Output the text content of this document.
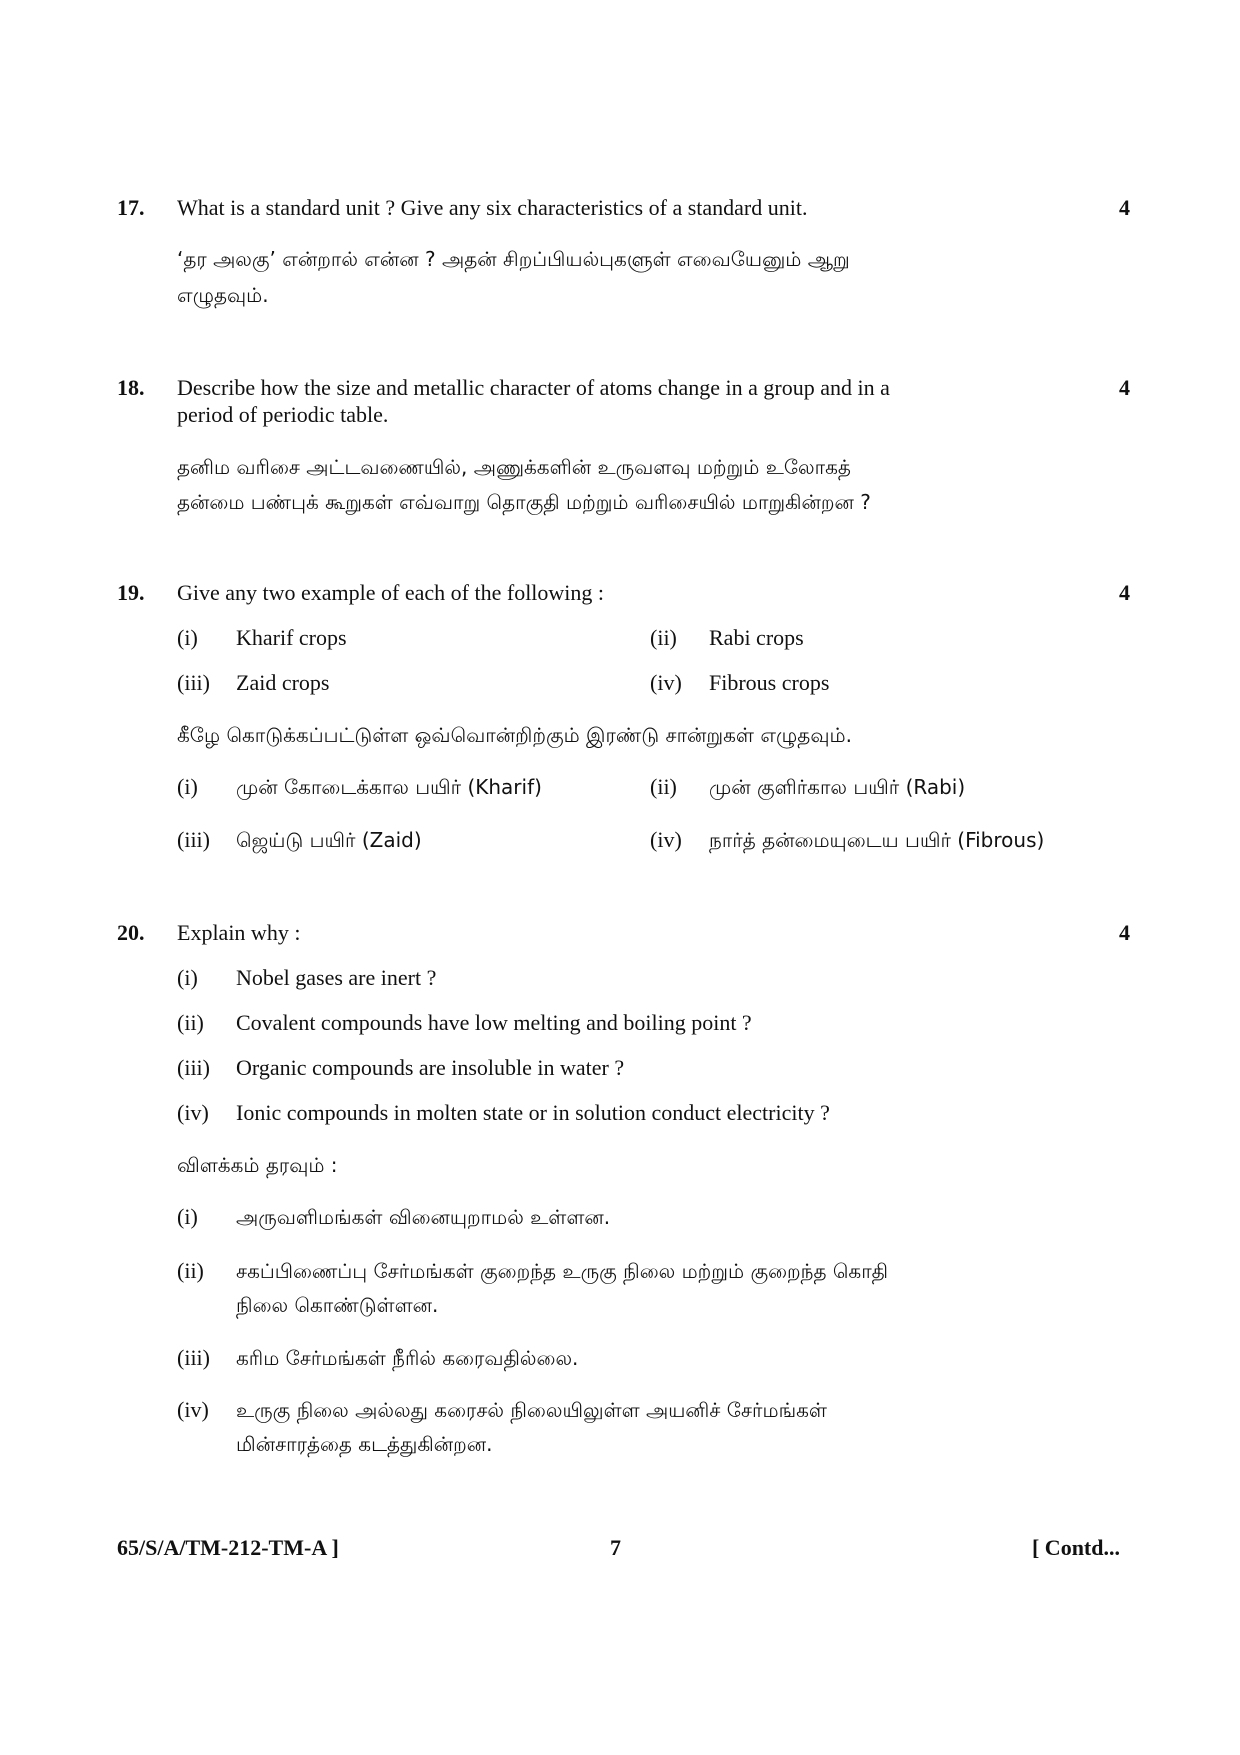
17. What is a standard unit ? Give any six characteristics of a standard unit.	4
‘தர அலகு’ என்றால் என்ன ? அதன் சிறப்பியல்புகளுள் எவையேனும் ஆறு
எழுதவும்.
18. Describe how the size and metallic character of atoms change in a group and in a
period of periodic table.
4
தனிம வரிசை அட்டவணையில், அணுக்களின் உருவளவு மற்றும் உலோகத்
தன்மை பண்புக் கூறுகள் எவ்வாறு தொகுதி மற்றும் வரிசையில் மாறுகின்றன ?
19. Give any two example of each of the following :	4
(i) Kharif crops	(ii) Rabi crops
(iii) Zaid crops	(iv) Fibrous crops
கீழே கொடுக்கப்பட்டுள்ள ஒவ்வொன்றிற்கும் இரண்டு சான்றுகள் எழுதவும்.
(i) முன் கோடைக்கால பயிர் (Kharif)	(ii) முன் குளிர்கால பயிர் (Rabi)
(iii) ஜெய்டு பயிர் (Zaid)	(iv) நார்த் தன்மையுடைய பயிர் (Fibrous)
20. Explain why :	4
(i) Nobel gases are inert ?
(ii) Covalent compounds have low melting and boiling point ?
(iii) Organic compounds are insoluble in water ?
(iv) Ionic compounds in molten state or in solution conduct electricity ?
விளக்கம் தரவும் :
(i) அருவளிமங்கள் வினையுறாமல் உள்ளன.
(ii) சகப்பிணைப்பு சேர்மங்கள் குறைந்த உருகு நிலை மற்றும் குறைந்த கொதி
நிலை கொண்டுள்ளன.
(iii) கரிம சேர்மங்கள் நீரில் கரைவதில்லை.
(iv) உருகு நிலை அல்லது கரைசல் நிலையிலுள்ள அயனிச் சேர்மங்கள்
மின்சாரத்தை கடத்துகின்றன.
65/S/A/TM-212-TM-A ]	7	[ Contd...
